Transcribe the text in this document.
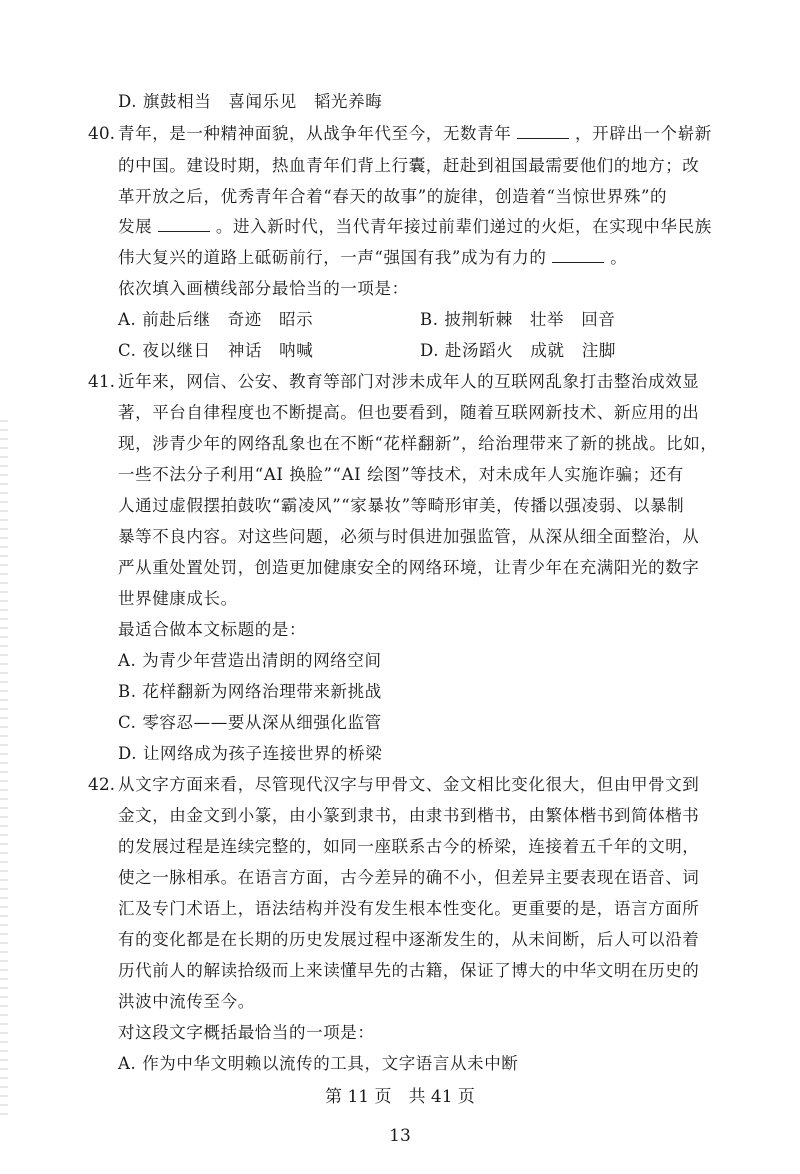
D. 旗鼓相当　喜闻乐见　韬光养晦
40. 青年，是一种精神面貌，从战争年代至今，无数青年	，开辟出一个崭新
的中国。建设时期，热血青年们背上行囊，赶赴到祖国最需要他们的地方；改
革开放之后，优秀青年合着“春天的故事”的旋律，创造着“当惊世界殊”的
发展	。进入新时代，当代青年接过前辈们递过的火炬，在实现中华民族
伟大复兴的道路上砥砺前行，一声“强国有我”成为有力的	。
依次填入画横线部分最恰当的一项是：
A. 前赴后继　奇迹　昭示	B. 披荆斩棘　壮举　回音
C. 夜以继日　神话　呐喊	D. 赴汤蹈火　成就　注脚
41. 近年来，网信、公安、教育等部门对涉未成年人的互联网乱象打击整治成效显
著，平台自律程度也不断提高。但也要看到，随着互联网新技术、新应用的出
现，涉青少年的网络乱象也在不断“花样翻新”，给治理带来了新的挑战。比如，
一些不法分子利用“AI 换脸”“AI 绘图”等技术，对未成年人实施诈骗；还有
人通过虚假摆拍鼓吹“霸凌风”“家暴妆”等畸形审美，传播以强凌弱、以暴制
暴等不良内容。对这些问题，必须与时俱进加强监管，从深从细全面整治，从
严从重处置处罚，创造更加健康安全的网络环境，让青少年在充满阳光的数字
世界健康成长。
最适合做本文标题的是：
A. 为青少年营造出清朗的网络空间
B. 花样翻新为网络治理带来新挑战
C. 零容忍——要从深从细强化监管
D. 让网络成为孩子连接世界的桥梁
42. 从文字方面来看，尽管现代汉字与甲骨文、金文相比变化很大，但由甲骨文到
金文，由金文到小篆，由小篆到隶书，由隶书到楷书，由繁体楷书到简体楷书
的发展过程是连续完整的，如同一座联系古今的桥梁，连接着五千年的文明，
使之一脉相承。在语言方面，古今差异的确不小，但差异主要表现在语音、词
汇及专门术语上，语法结构并没有发生根本性变化。更重要的是，语言方面所
有的变化都是在长期的历史发展过程中逐渐发生的，从未间断，后人可以沿着
历代前人的解读拾级而上来读懂早先的古籍，保证了博大的中华文明在历史的
洪波中流传至今。
对这段文字概括最恰当的一项是：
A. 作为中华文明赖以流传的工具，文字语言从未中断
第 11 页　共 41 页
13
